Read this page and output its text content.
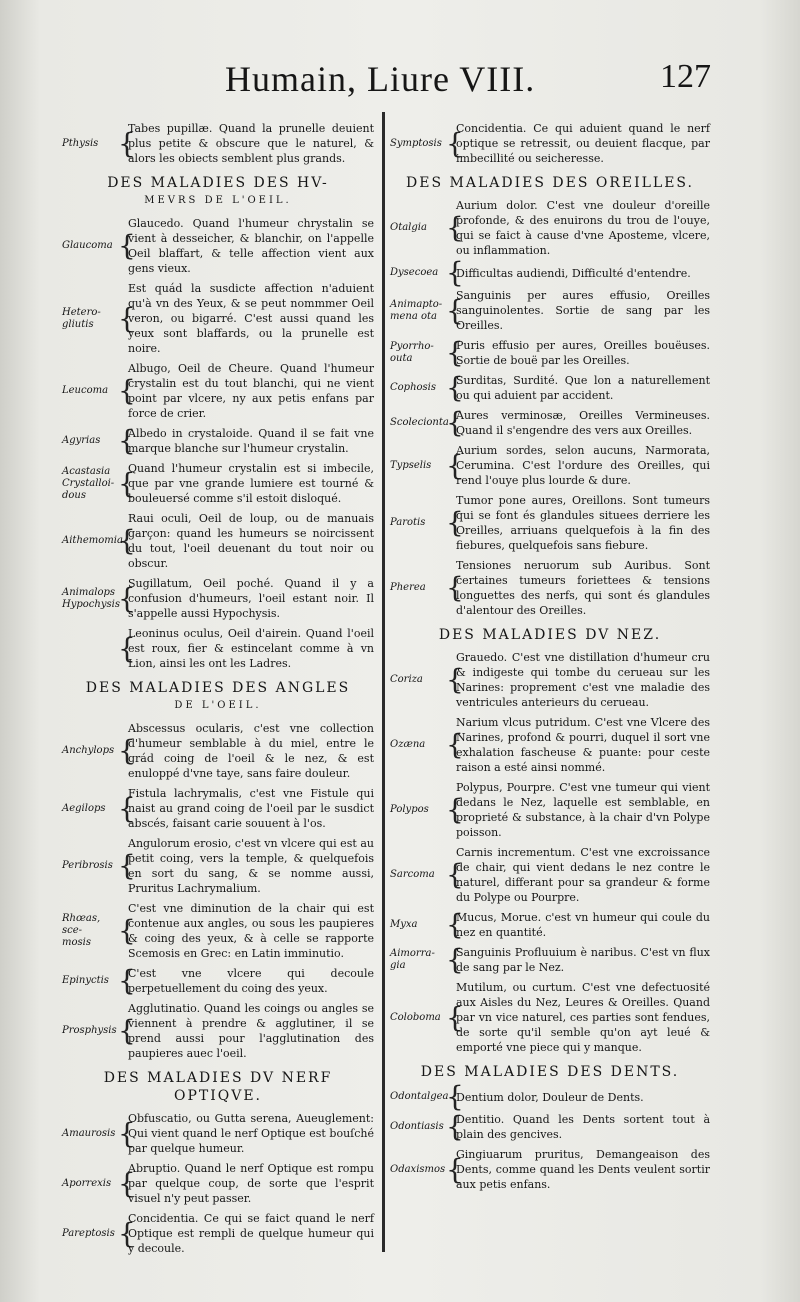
Humain, Liure VIII.	127
Pthysis {
Tabes pupillæ. Quand la prunelle deuient plus petite & obscure que le naturel, & alors les obiects semblent plus grands.
DES MALADIES DES HV-
MEVRS DE L'OEIL.
Glaucoma {
Glaucedo. Quand l'humeur chrystalin se vient à desseicher, & blanchir, on l'appelle Oeil blaffart, & telle affection vient aux gens vieux.
Hetero-
gliutis {
Est quád la susdicte affection n'aduient qu'à vn des Yeux, & se peut nommmer Oeil veron, ou bigarré. C'est aussi quand les yeux sont blaffards, ou la prunelle est noire.
Leucoma {
Albugo, Oeil de Cheure. Quand l'humeur crystalin est du tout blanchi, qui ne vient point par vlcere, ny aux petis enfans par force de crier.
Agyrias {
Albedo in crystaloide. Quand il se fait vne marque blanche sur l'humeur crystalin.
Acastasia
Crystalloi-
dous	{
Quand l'humeur crystalin est si imbecile, que par vne grande lumiere est tourné & bouleuersé comme s'il estoit disloqué.
Aithemomia
{
Raui oculi, Oeil de loup, ou de manuais garçon: quand les humeurs se noircissent du tout, l'oeil deuenant du tout noir ou obscur.
Animalops
Hypochysis
{
Sugillatum, Oeil poché. Quand il y a confusion d'humeurs, l'oeil estant noir. Il s'appelle aussi Hypochysis.
{
Leoninus oculus, Oeil d'airein. Quand l'oeil est roux, fier & estincelant comme à vn Lion, ainsi les ont les Ladres.
DES MALADIES DES ANGLES
DE L'OEIL.
Anchylops {
Abscessus ocularis, c'est vne collection d'humeur semblable à du miel, entre le grád coing de l'oeil & le nez, & est enuloppé d'vne taye, sans faire douleur.
Aegilops {
Fistula lachrymalis, c'est vne Fistule qui naist au grand coing de l'oeil par le susdict abscés, faisant carie souuent à l'os.
Peribrosis {
Angulorum erosio, c'est vn vlcere qui est au petit coing, vers la temple, & quelquefois en sort du sang, & se nomme aussi, Pruritus Lachrymalium.
Rhœas, sce-
mosis {
C'est vne diminution de la chair qui est contenue aux angles, ou sous les paupieres & coing des yeux, & à celle se rapporte Scemosis en Grec: en Latin imminutio.
Epinyctis {
C'est vne vlcere qui decoule perpetuellement du coing des yeux.
Prosphysis {
Agglutinatio. Quand les coings ou angles se viennent à prendre & agglutiner, il se prend aussi pour l'agglutination des paupieres auec l'oeil.
DES MALADIES DV NERF OPTIQVE.
Amaurosis {
Obfuscatio, ou Gutta serena, Aueuglement: Qui vient quand le nerf Optique est bouſché par quelque humeur.
Aporrexis {
Abruptio. Quand le nerf Optique est rompu par quelque coup, de sorte que l'esprit visuel n'y peut passer.
Pareptosis {
Concidentia. Ce qui se faict quand le nerf Optique est rempli de quelque humeur qui y decoule.
Symptosis {
Concidentia. Ce qui aduient quand le nerf optique se retressit, ou deuient flacque, par imbecillité ou seicheresse.
DES MALADIES DES OREILLES.
Otalgia {
Aurium dolor. C'est vne douleur d'oreille profonde, & des enuirons du trou de l'ouye, qui se faict à cause d'vne Aposteme, vlcere, ou inflammation.
Dysecoea {
Difficultas audiendi, Difficulté d'entendre.
Animapto-
mena ota {
Sanguinis per aures effusio, Oreilles sanguinolentes. Sortie de sang par les Oreilles.
Pyorrho-
outa	{
Puris effusio per aures, Oreilles bouëuses. Sortie de bouë par les Oreilles.
Cophosis {
Surditas, Surdité. Que lon a naturellement ou qui aduient par accident.
Scolecionta
{
Aures verminosæ, Oreilles Vermineuses. Quand il s'engendre des vers aux Oreilles.
Typselis {
Aurium sordes, selon aucuns, Narmorata, Cerumina. C'est l'ordure des Oreilles, qui rend l'ouye plus lourde & dure.
Parotis {
Tumor pone aures, Oreillons. Sont tumeurs qui se font és glandules situees derriere les Oreilles, arriuans quelquefois à la fin des fiebures, quelquefois sans fiebure.
Pherea {
Tensiones neruorum sub Auribus. Sont certaines tumeurs foriettees & tensions longuettes des nerfs, qui sont és glandules d'alentour des Oreilles.
DES MALADIES DV NEZ.
Coriza {
Grauedo. C'est vne distillation d'humeur cru & indigeste qui tombe du cerueau sur les Narines: proprement c'est vne maladie des ventricules anterieurs du cerueau.
Ozæna {
Narium vlcus putridum. C'est vne Vlcere des Narines, profond & pourri, duquel il sort vne exhalation fascheuse & puante: pour ceste raison a esté ainsi nommé.
Polypos {
Polypus, Pourpre. C'est vne tumeur qui vient dedans le Nez, laquelle est semblable, en proprieté & substance, à la chair d'vn Polype poisson.
Sarcoma {
Carnis incrementum. C'est vne excroissance de chair, qui vient dedans le nez contre le naturel, differant pour sa grandeur & forme du Polype ou Pourpre.
Myxa	{
Mucus, Morue. c'est vn humeur qui coule du nez en quantité.
Aimorra-
gia	{
Sanguinis Profluuium è naribus. C'est vn flux de sang par le Nez.
Coloboma {
Mutilum, ou curtum. C'est vne defectuosité aux Aisles du Nez, Leures & Oreilles. Quand par vn vice naturel, ces parties sont fendues, de sorte qu'il semble qu'on ayt leué & emporté vne piece qui y manque.
DES MALADIES DES DENTS.
Odontalgea
{
Dentium dolor, Douleur de Dents.
Odontiasis {
Dentitio. Quand les Dents sortent tout à plain des gencives.
Odaxismos {
Gingiuarum pruritus, Demangeaison des Dents, comme quand les Dents veulent sortir aux petis enfans.
